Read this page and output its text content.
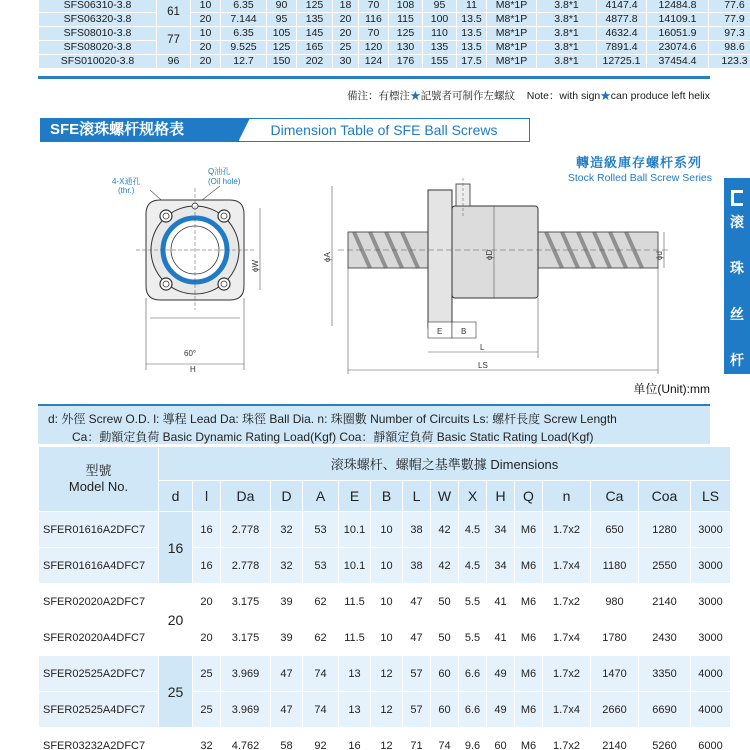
SFS06310-3.8	61	10	6.35	90	125	18	70	108	95	11	M8*1P	3.8*1	4147.4	12484.8	77.6
SFS06320-3.8		20	7.144	95	135	20	116	115	100	13.5	M8*1P	3.8*1	4877.8	14109.1	77.9
SFS08010-3.8	77	10	6.35	105	145	20	70	125	110	13.5	M8*1P	3.8*1	4632.4	16051.9	97.3
SFS08020-3.8		20	9.525	125	165	25	120	130	135	13.5	M8*1P	3.8*1	7891.4	23074.6	98.6
SFS010020-3.8	96	20	12.7	150	202	30	124	176	155	17.5	M8*1P	3.8*1	12725.1	37454.4	123.3
備注：有標注★記號者可制作左螺紋 Note：with sign★can produce left helix
SFE滚珠螺杆规格表	Dimension Table of SFE Ball Screws
轉造級庫存螺杆系列
Stock Rolled Ball Screw Series
滚
珠
丝
杆
4-X通孔
(thr.)
Q油孔
(Oil hole)
60°
H
ϕW
ϕA	ϕD	ϕd
E B
L
LS
单位(Unit):mm
d: 外徑 Screw O.D. l: 導程 Lead Da: 珠徑 Ball Dia. n: 珠圈數 Number of Circuits Ls: 螺杆長度 Screw Length
Ca：動額定負荷 Basic Dynamic Rating Load(Kgf) Coa：靜額定負荷 Basic Static Rating Load(Kgf)
型號
Model No.	滚珠螺杆、螺帽之基準數據 Dimensions															
	d	l	Da	D	A	E	B	L	W	X	H	Q	n	Ca	Coa	LS
SFER01616A2DFC7	16	16	2.778	32	53	10.1	10	38	42	4.5	34	M6	1.7x2	650	1280	3000
SFER01616A4DFC7		16	2.778	32	53	10.1	10	38	42	4.5	34	M6	1.7x4	1180	2550	3000
SFER02020A2DFC7	20	20	3.175	39	62	11.5	10	47	50	5.5	41	M6	1.7x2	980	2140	3000
SFER02020A4DFC7		20	3.175	39	62	11.5	10	47	50	5.5	41	M6	1.7x4	1780	2430	3000
SFER02525A2DFC7	25	25	3.969	47	74	13	12	57	60	6.6	49	M6	1.7x2	1470	3350	4000
SFER02525A4DFC7		25	3.969	47	74	13	12	57	60	6.6	49	M6	1.7x4	2660	6690	4000
SFER03232A2DFC7		32	4.762	58	92	16	12	71	74	9.6	60	M6	1.7x2	2140	5260	6000
